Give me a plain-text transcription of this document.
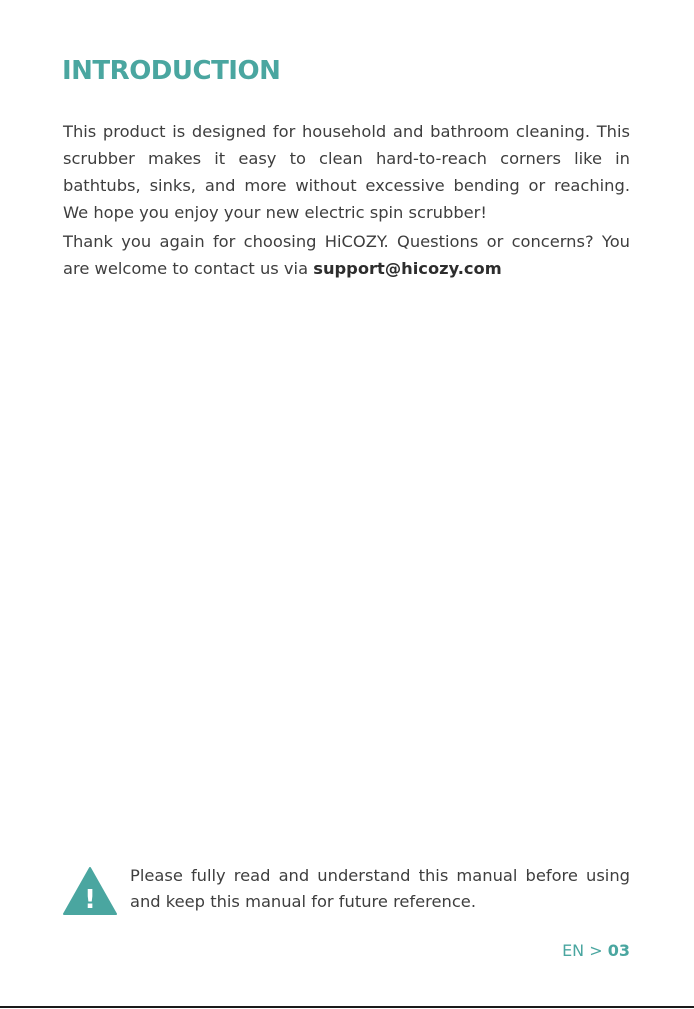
INTRODUCTION

This product is designed for household and bathroom cleaning. This scrubber makes it easy to clean hard-to-reach corners like in bathtubs, sinks, and more without excessive bending or reaching. We hope you enjoy your new electric spin scrubber!

Thank you again for choosing HiCOZY. Questions or concerns? You are welcome to contact us via support@hicozy.com

!
Please fully read and understand this manual before using and keep this manual for future reference.
EN > 03
